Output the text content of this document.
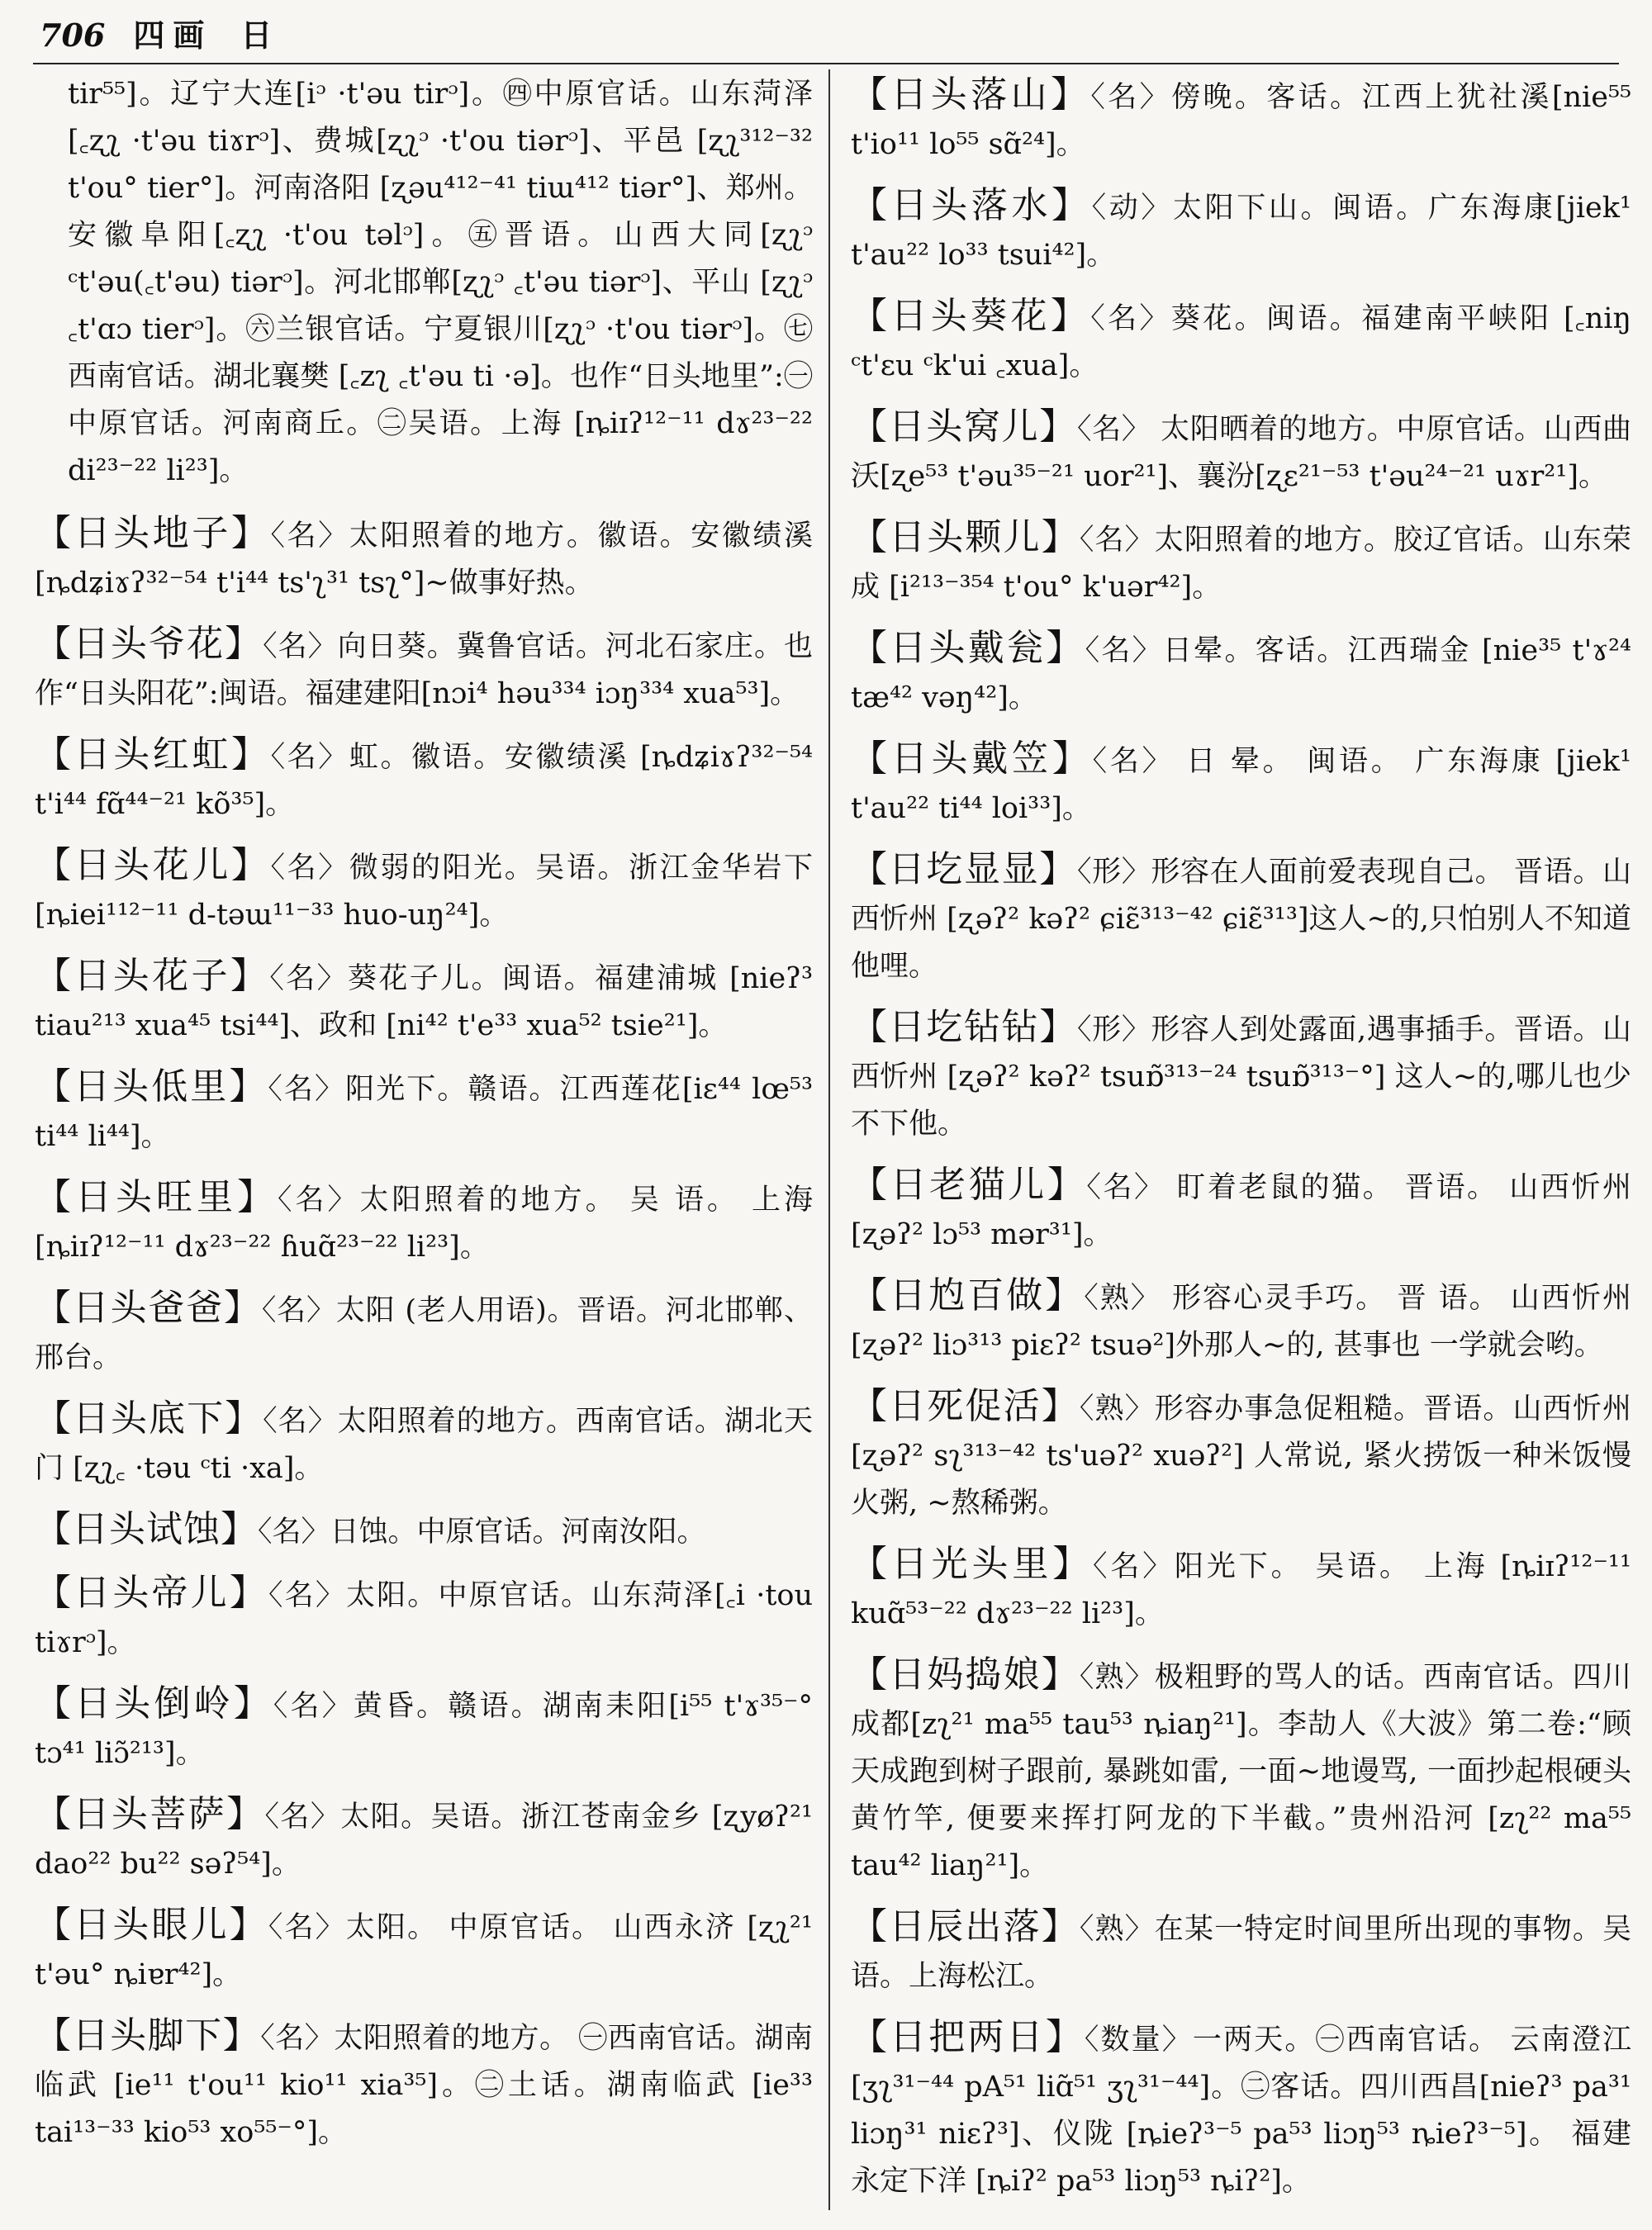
706 四画 日

tir⁵⁵]。辽宁大连[iᵓ ·t'əu tirᵓ]。㊃中原官话。山东菏泽[꜀ʐʅ ·t'əu tiɤrᵓ]、费城[ʐʅᵓ ·t'ou tiərᵓ]、平邑 [ʐʅ³¹²⁻³² t'ou° tier°]。河南洛阳 [ʐəu⁴¹²⁻⁴¹ tiɯ⁴¹² tiər°]、郑州。安徽阜阳[꜀ʐʅ ·t'ou təlᵓ]。㊄晋语。山西大同[ʐʅᵓ ᶜt'əu(꜀t'əu) tiərᵓ]。河北邯郸[ʐʅᵓ ꜀t'əu tiərᵓ]、平山 [ʐʅᵓ ꜀t'ɑɔ tierᵓ]。㊅兰银官话。宁夏银川[ʐʅᵓ ·t'ou tiərᵓ]。㊆西南官话。湖北襄樊 [꜀zʅ ꜀t'əu ti ·ə]。也作“日头地里”:㊀中原官话。河南商丘。㊁吴语。上海 [ȵiɪʔ¹²⁻¹¹ dɤ²³⁻²² di²³⁻²² li²³]。

【日头地子】〈名〉太阳照着的地方。徽语。安徽绩溪[ȵdʑiɤʔ³²⁻⁵⁴ t'i⁴⁴ ts'ʅ³¹ tsʅ°]~做事好热。

【日头爷花】〈名〉向日葵。冀鲁官话。河北石家庄。也作“日头阳花”:闽语。福建建阳[nɔi⁴ həu³³⁴ iɔŋ³³⁴ xua⁵³]。

【日头红虹】〈名〉虹。徽语。安徽绩溪 [ȵdʑiɤʔ³²⁻⁵⁴ t'i⁴⁴ fɑ̃⁴⁴⁻²¹ kõ³⁵]。

【日头花儿】〈名〉微弱的阳光。吴语。浙江金华岩下[ȵiei¹¹²⁻¹¹ d-təɯ¹¹⁻³³ huo-uŋ²⁴]。

【日头花子】〈名〉葵花子儿。闽语。福建浦城 [nieʔ³ tiau²¹³ xua⁴⁵ tsi⁴⁴]、政和 [ni⁴² t'e³³ xua⁵² tsie²¹]。

【日头低里】〈名〉阳光下。赣语。江西莲花[iɛ⁴⁴ lœ⁵³ ti⁴⁴ li⁴⁴]。

【日头旺里】〈名〉太阳照着的地方。 吴 语。 上海 [ȵiɪʔ¹²⁻¹¹ dɤ²³⁻²² ɦuɑ̃²³⁻²² li²³]。

【日头爸爸】〈名〉太阳 (老人用语)。晋语。河北邯郸、邢台。

【日头底下】〈名〉太阳照着的地方。西南官话。湖北天门 [ʐʅ꜀ ·təu ᶜti ·xa]。

【日头试蚀】〈名〉日蚀。中原官话。河南汝阳。

【日头帝儿】〈名〉太阳。中原官话。山东菏泽[꜀i ·tou tiɤrᵓ]。

【日头倒岭】〈名〉黄昏。赣语。湖南耒阳[i⁵⁵ t'ɤ³⁵⁻° tɔ⁴¹ liɔ̃²¹³]。

【日头菩萨】〈名〉太阳。吴语。浙江苍南金乡 [ʐyøʔ²¹ dao²² bu²² səʔ⁵⁴]。

【日头眼儿】〈名〉太阳。 中原官话。 山西永济 [ʐʅ²¹ t'əu° ȵiɐr⁴²]。

【日头脚下】〈名〉太阳照着的地方。 ㊀西南官话。湖南临武 [ie¹¹ t'ou¹¹ kio¹¹ xia³⁵]。㊁土话。湖南临武 [ie³³ tai¹³⁻³³ kio⁵³ xo⁵⁵⁻°]。

【日头落山】〈名〉傍晚。客话。江西上犹社溪[nie⁵⁵ t'io¹¹ lo⁵⁵ sɑ̃²⁴]。

【日头落水】〈动〉太阳下山。闽语。广东海康[jiek¹ t'au²² lo³³ tsui⁴²]。

【日头葵花】〈名〉葵花。闽语。福建南平峡阳 [꜀niŋ ᶜt'ɛu ᶜk'ui ꜀xua]。

【日头窝儿】〈名〉 太阳晒着的地方。中原官话。山西曲沃[ʐe⁵³ t'əu³⁵⁻²¹ uor²¹]、襄汾[ʐɛ²¹⁻⁵³ t'əu²⁴⁻²¹ uɤr²¹]。

【日头颗儿】〈名〉太阳照着的地方。胶辽官话。山东荣成 [i²¹³⁻³⁵⁴ t'ou° k'uər⁴²]。

【日头戴瓮】〈名〉日晕。客话。江西瑞金 [nie³⁵ t'ɤ²⁴ tæ⁴² vəŋ⁴²]。

【日头戴笠】〈名〉 日 晕。 闽语。 广东海康 [jiek¹ t'au²² ti⁴⁴ loi³³]。

【日圪显显】〈形〉形容在人面前爱表现自己。 晋语。山西忻州 [ʐəʔ² kəʔ² ɕiɛ̃³¹³⁻⁴² ɕiɛ̃³¹³]这人~的,只怕别人不知道他哩。

【日圪钻钻】〈形〉形容人到处露面,遇事插手。晋语。山西忻州 [ʐəʔ² kəʔ² tsuɒ̃³¹³⁻²⁴ tsuɒ̃³¹³⁻°] 这人~的,哪儿也少不下他。

【日老猫儿】〈名〉 盯着老鼠的猫。 晋语。 山西忻州 [ʐəʔ² lɔ⁵³ mər³¹]。

【日尥百做】〈熟〉 形容心灵手巧。 晋 语。 山西忻州 [ʐəʔ² liɔ³¹³ piɛʔ² tsuə²]外那人~的, 甚事也 一学就会哟。

【日死促活】〈熟〉形容办事急促粗糙。晋语。山西忻州 [ʐəʔ² sʅ³¹³⁻⁴² ts'uəʔ² xuəʔ²] 人常说, 紧火捞饭一种米饭慢火粥, ~熬稀粥。

【日光头里】〈名〉阳光下。 吴语。 上海 [ȵiɪʔ¹²⁻¹¹ kuɑ̃⁵³⁻²² dɤ²³⁻²² li²³]。

【日妈捣娘】〈熟〉极粗野的骂人的话。西南官话。四川成都[zʅ²¹ ma⁵⁵ tau⁵³ ȵiaŋ²¹]。李劼人《大波》第二卷:“顾天成跑到树子跟前, 暴跳如雷, 一面~地谩骂, 一面抄起根硬头黄竹竿, 便要来挥打阿龙的下半截。”贵州沿河 [zʅ²² ma⁵⁵ tau⁴² liaŋ²¹]。

【日辰出落】〈熟〉在某一特定时间里所出现的事物。吴语。上海松江。

【日把两日】〈数量〉一两天。㊀西南官话。 云南澄江 [ʒʅ³¹⁻⁴⁴ pA⁵¹ liɑ̃⁵¹ ʒʅ³¹⁻⁴⁴]。㊁客话。四川西昌[nieʔ³ pa³¹ liɔŋ³¹ niɛʔ³]、仪陇 [ȵieʔ³⁻⁵ pa⁵³ liɔŋ⁵³ ȵieʔ³⁻⁵]。 福建永定下洋 [ȵiʔ² pa⁵³ liɔŋ⁵³ ȵiʔ²]。
